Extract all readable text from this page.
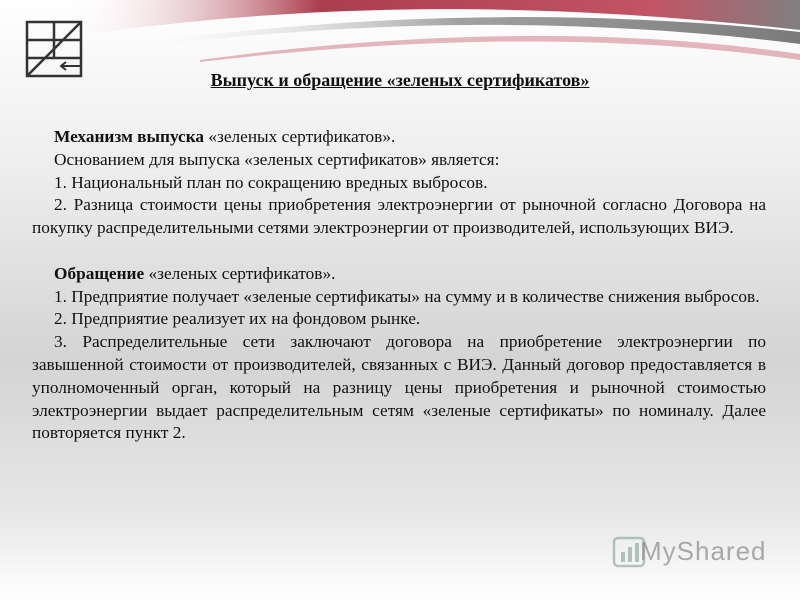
Выпуск и обращение «зеленых сертификатов»

Механизм выпуска «зеленых сертификатов».

Основанием для выпуска «зеленых сертификатов» является:

1. Национальный план по сокращению вредных выбросов.

2. Разница стоимости цены приобретения электроэнергии от рыночной согласно Договора на покупку распределительными сетями электроэнергии от производителей, использующих ВИЭ.

Обращение «зеленых сертификатов».

1. Предприятие получает «зеленые сертификаты» на сумму и в количестве снижения выбросов.

2. Предприятие реализует их на фондовом рынке.

3. Распределительные сети заключают договора на приобретение электроэнергии по завышенной стоимости от производителей, связанных с ВИЭ. Данный договор предоставляется в уполномоченный орган, который на разницу цены приобретения и рыночной стоимостью электроэнергии выдает распределительным сетям «зеленые сертификаты» по номиналу. Далее повторяется пункт 2.

MyShared
